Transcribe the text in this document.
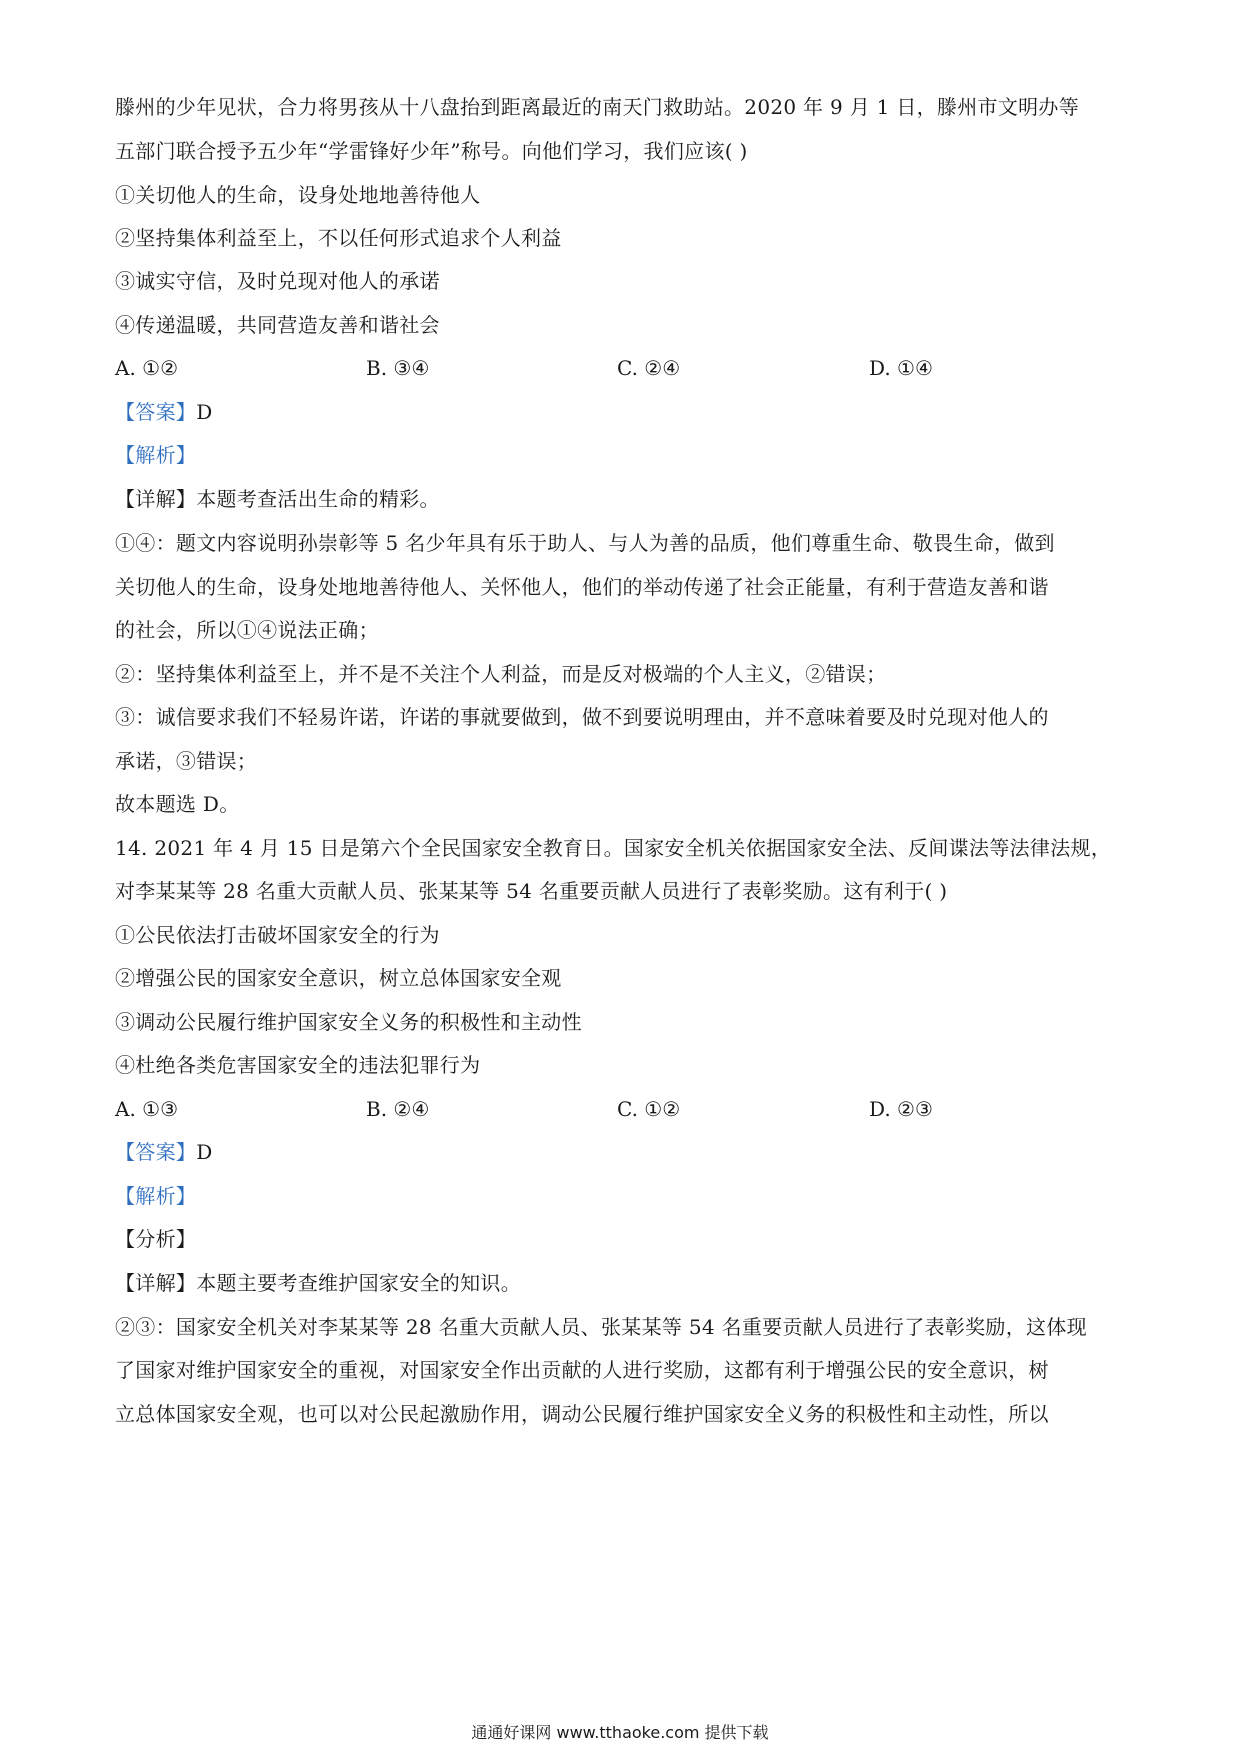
滕州的少年见状，合力将男孩从十八盘抬到距离最近的南天门救助站。2020 年 9 月 1 日，滕州市文明办等
五部门联合授予五少年“学雷锋好少年”称号。向他们学习，我们应该( )
①关切他人的生命，设身处地地善待他人
②坚持集体利益至上，不以任何形式追求个人利益
③诚实守信，及时兑现对他人的承诺
④传递温暖，共同营造友善和谐社会
A. ①②	B. ③④	C. ②④	D. ①④
【答案】D
【解析】
【详解】本题考查活出生命的精彩。
①④：题文内容说明孙崇彰等 5 名少年具有乐于助人、与人为善的品质，他们尊重生命、敬畏生命，做到
关切他人的生命，设身处地地善待他人、关怀他人，他们的举动传递了社会正能量，有利于营造友善和谐
的社会，所以①④说法正确；
②：坚持集体利益至上，并不是不关注个人利益，而是反对极端的个人主义，②错误；
③：诚信要求我们不轻易许诺，许诺的事就要做到，做不到要说明理由，并不意味着要及时兑现对他人的
承诺，③错误；
故本题选 D。
14. 2021 年 4 月 15 日是第六个全民国家安全教育日。国家安全机关依据国家安全法、反间谍法等法律法规，
对李某某等 28 名重大贡献人员、张某某等 54 名重要贡献人员进行了表彰奖励。这有利于( )
①公民依法打击破坏国家安全的行为
②增强公民的国家安全意识，树立总体国家安全观
③调动公民履行维护国家安全义务的积极性和主动性
④杜绝各类危害国家安全的违法犯罪行为
A. ①③	B. ②④	C. ①②	D. ②③
【答案】D
【解析】
【分析】
【详解】本题主要考查维护国家安全的知识。
②③：国家安全机关对李某某等 28 名重大贡献人员、张某某等 54 名重要贡献人员进行了表彰奖励，这体现
了国家对维护国家安全的重视，对国家安全作出贡献的人进行奖励，这都有利于增强公民的安全意识，树
立总体国家安全观，也可以对公民起激励作用，调动公民履行维护国家安全义务的积极性和主动性，所以
通通好课网 www.tthaoke.com 提供下载
